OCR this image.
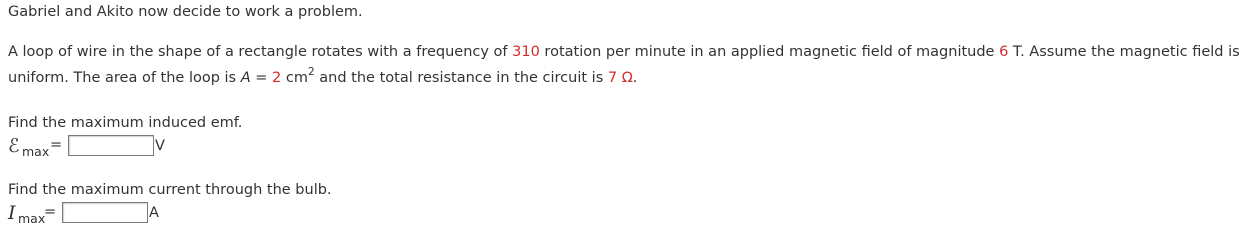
Gabriel and Akito now decide to work a problem.
A loop of wire in the shape of a rectangle rotates with a frequency of 310 rotation per minute in an applied magnetic field of magnitude 6 T. Assume the magnetic field is
uniform. The area of the loop is A = 2 $cm^2$ and the total resistance in the circuit is 7 Ω.
Find the maximum induced emf.
ℰ max =	V
Find the maximum current through the bulb.
I max
=	A
